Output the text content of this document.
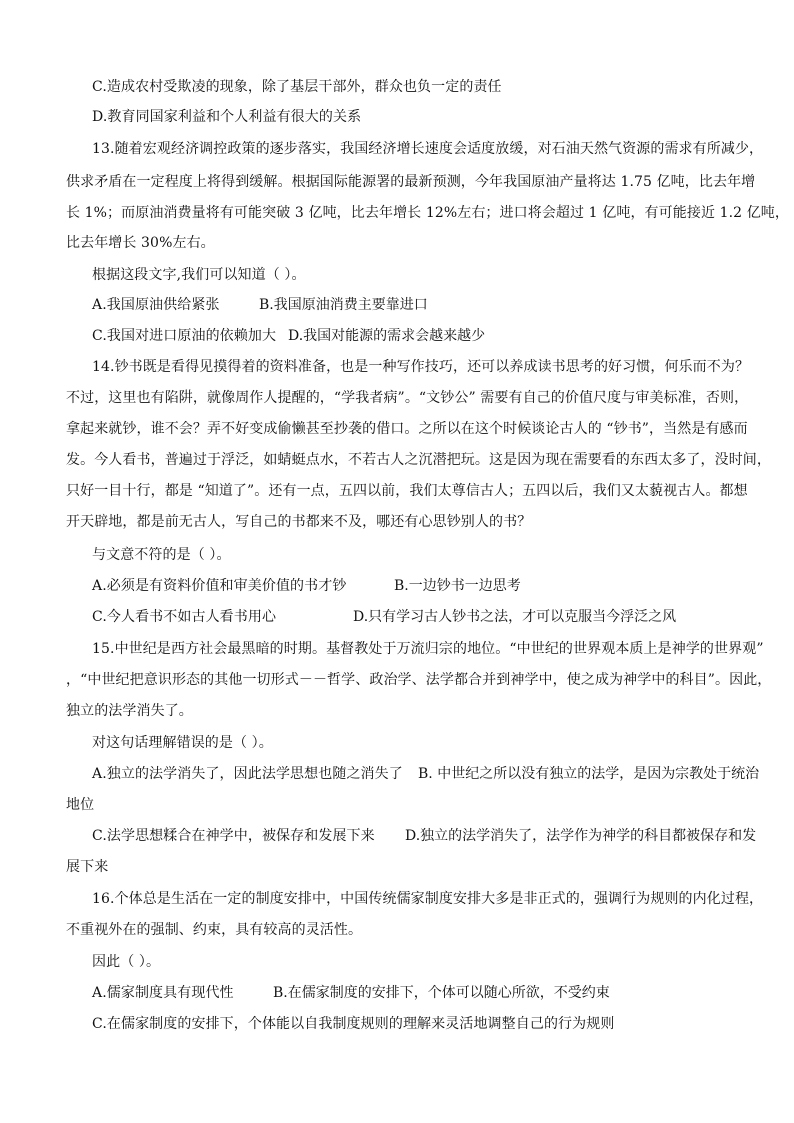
C.造成农村受欺凌的现象，除了基层干部外，群众也负一定的责任
D.教育同国家利益和个人利益有很大的关系
13.随着宏观经济调控政策的逐步落实，我国经济增长速度会适度放缓，对石油天然气资源的需求有所减少，
供求矛盾在一定程度上将得到缓解。根据国际能源署的最新预测，今年我国原油产量将达 1.75 亿吨，比去年增
长 1%；而原油消费量将有可能突破 3 亿吨，比去年增长 12%左右；进口将会超过 1 亿吨，有可能接近 1.2 亿吨，
比去年增长 30%左右。
根据这段文字,我们可以知道（ ）。
A.我国原油供给紧张	B.我国原油消费主要靠进口
C.我国对进口原油的依赖加大 D.我国对能源的需求会越来越少
14.钞书既是看得见摸得着的资料准备，也是一种写作技巧，还可以养成读书思考的好习惯，何乐而不为？
不过，这里也有陷阱，就像周作人提醒的，“学我者病”。“文钞公” 需要有自己的价值尺度与审美标准，否则，
拿起来就钞，谁不会？弄不好变成偷懒甚至抄袭的借口。之所以在这个时候谈论古人的 “钞书”，当然是有感而
发。今人看书，普遍过于浮泛，如蜻蜓点水，不若古人之沉潜把玩。这是因为现在需要看的东西太多了，没时间，
只好一目十行，都是 “知道了”。还有一点，五四以前，我们太尊信古人；五四以后，我们又太藐视古人。都想
开天辟地，都是前无古人，写自己的书都来不及，哪还有心思钞别人的书？
与文意不符的是（ ）。
A.必须是有资料价值和审美价值的书才钞	B.一边钞书一边思考
C.今人看书不如古人看书用心	D.只有学习古人钞书之法，才可以克服当今浮泛之风
15.中世纪是西方社会最黑暗的时期。基督教处于万流归宗的地位。“中世纪的世界观本质上是神学的世界观”
，“中世纪把意识形态的其他一切形式－－哲学、政治学、法学都合并到神学中，使之成为神学中的科目”。因此，
独立的法学消失了。
对这句话理解错误的是（ ）。
A.独立的法学消失了，因此法学思想也随之消失了 B. 中世纪之所以没有独立的法学，是因为宗教处于统治
地位
C.法学思想糅合在神学中，被保存和发展下来 D.独立的法学消失了，法学作为神学的科目都被保存和发
展下来
16.个体总是生活在一定的制度安排中，中国传统儒家制度安排大多是非正式的，强调行为规则的内化过程，
不重视外在的强制、约束，具有较高的灵活性。
因此（ ）。
A.儒家制度具有现代性	B.在儒家制度的安排下，个体可以随心所欲，不受约束
C.在儒家制度的安排下，个体能以自我制度规则的理解来灵活地调整自己的行为规则
